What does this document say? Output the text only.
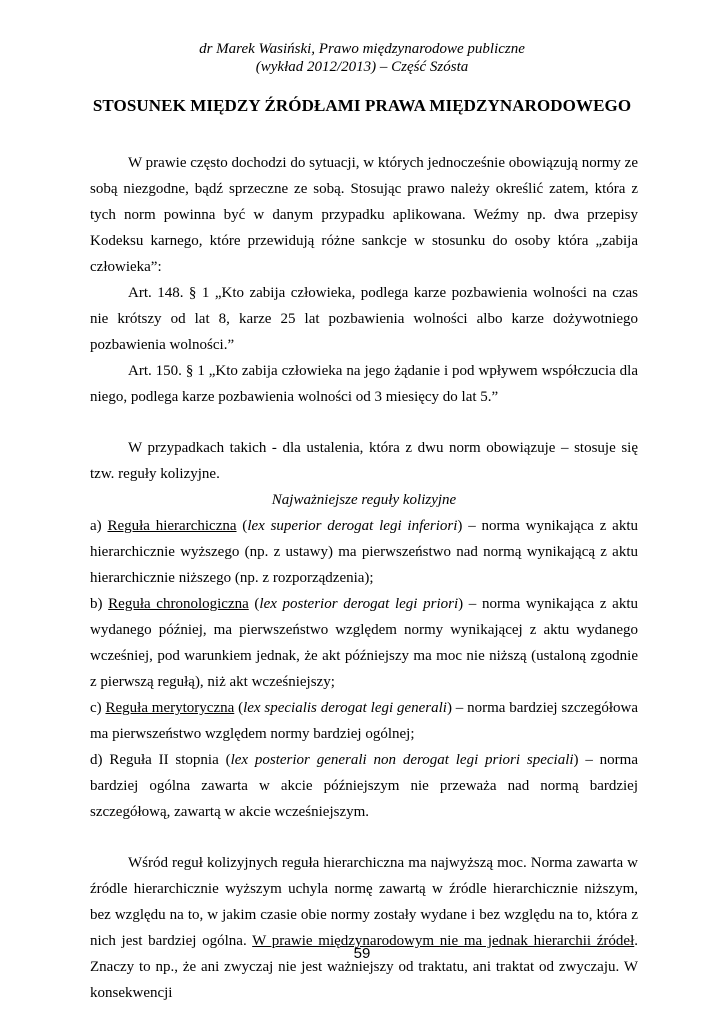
dr Marek Wasiński, Prawo międzynarodowe publiczne
(wykład 2012/2013) – Część Szósta
STOSUNEK MIĘDZY ŹRÓDŁAMI PRAWA MIĘDZYNARODOWEGO

W prawie często dochodzi do sytuacji, w których jednocześnie obowiązują normy ze sobą niezgodne, bądź sprzeczne ze sobą. Stosując prawo należy określić zatem, która z tych norm powinna być w danym przypadku aplikowana. Weźmy np. dwa przepisy Kodeksu karnego, które przewidują różne sankcje w stosunku do osoby która „zabija człowieka”:

Art. 148. § 1 „Kto zabija człowieka, podlega karze pozbawienia wolności na czas nie krótszy od lat 8, karze 25 lat pozbawienia wolności albo karze dożywotniego pozbawienia wolności.”

Art. 150. § 1 „Kto zabija człowieka na jego żądanie i pod wpływem współczucia dla niego, podlega karze pozbawienia wolności od 3 miesięcy do lat 5.”

W przypadkach takich - dla ustalenia, która z dwu norm obowiązuje – stosuje się tzw. reguły kolizyjne.

Najważniejsze reguły kolizyjne

a) Reguła hierarchiczna (lex superior derogat legi inferiori) – norma wynikająca z aktu hierarchicznie wyższego (np. z ustawy) ma pierwszeństwo nad normą wynikającą z aktu hierarchicznie niższego (np. z rozporządzenia);

b) Reguła chronologiczna (lex posterior derogat legi priori) – norma wynikająca z aktu wydanego później, ma pierwszeństwo względem normy wynikającej z aktu wydanego wcześniej, pod warunkiem jednak, że akt późniejszy ma moc nie niższą (ustaloną zgodnie z pierwszą regułą), niż akt wcześniejszy;

c) Reguła merytoryczna (lex specialis derogat legi generali) – norma bardziej szczegółowa ma pierwszeństwo względem normy bardziej ogólnej;

d) Reguła II stopnia (lex posterior generali non derogat legi priori speciali) – norma bardziej ogólna zawarta w akcie późniejszym nie przeważa nad normą bardziej szczegółową, zawartą w akcie wcześniejszym.

Wśród reguł kolizyjnych reguła hierarchiczna ma najwyższą moc. Norma zawarta w źródle hierarchicznie wyższym uchyla normę zawartą w źródle hierarchicznie niższym, bez względu na to, w jakim czasie obie normy zostały wydane i bez względu na to, która z nich jest bardziej ogólna. W prawie międzynarodowym nie ma jednak hierarchii źródeł. Znaczy to np., że ani zwyczaj nie jest ważniejszy od traktatu, ani traktat od zwyczaju. W konsekwencji

59
